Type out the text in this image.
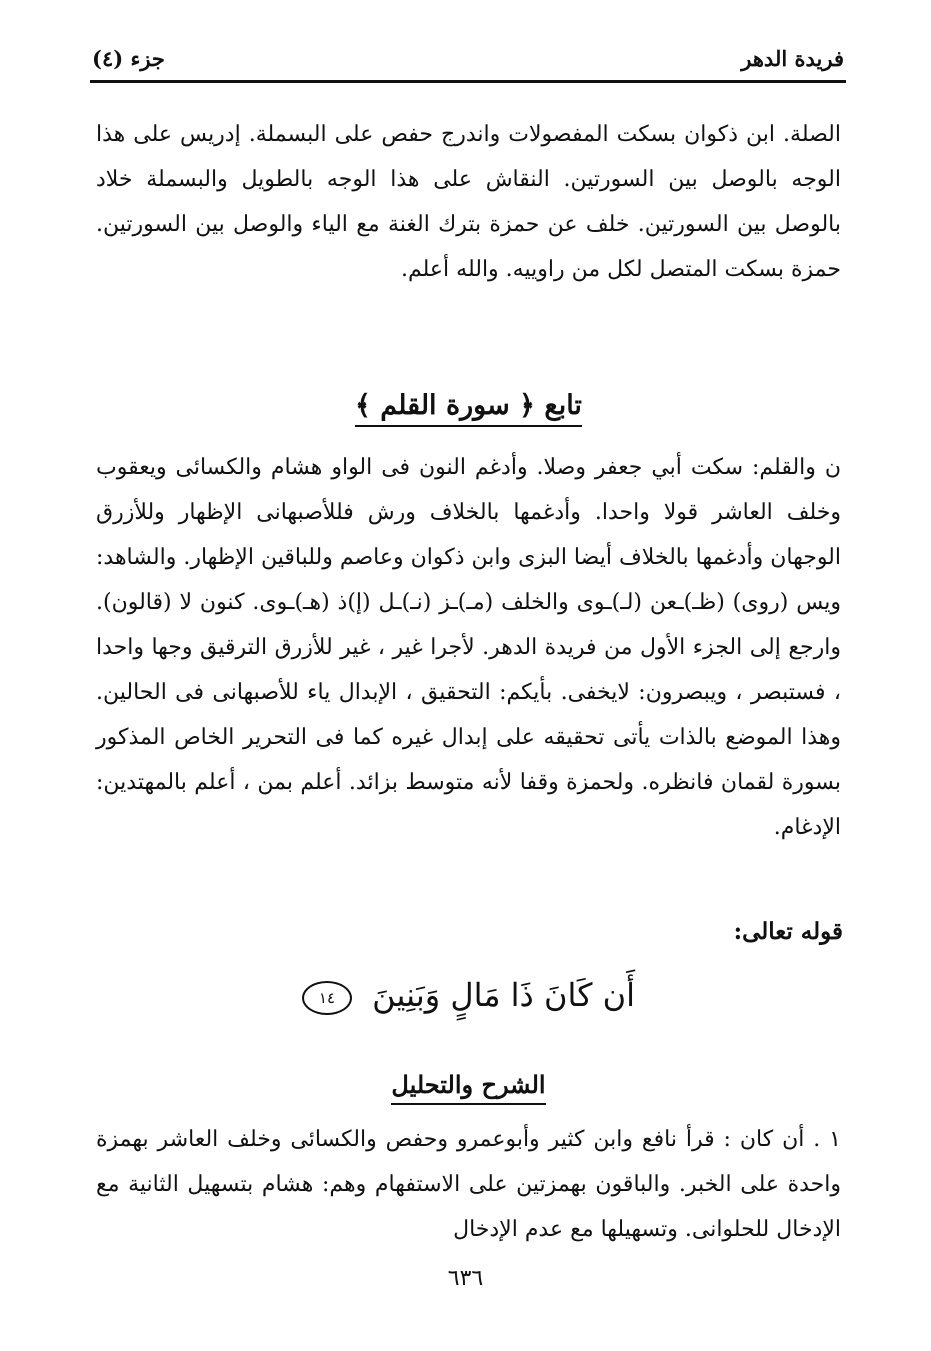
فريدة الدهر
جزء (٤)

الصلة. ابن ذكوان بسكت المفصولات واندرج حفص على البسملة. إدريس على هذا الوجه بالوصل بين السورتين. النقاش على هذا الوجه بالطويل والبسملة خلاد بالوصل بين السورتين. خلف عن حمزة بترك الغنة مع الياء والوصل بين السورتين. حمزة بسكت المتصل لكل من راوييه. والله أعلم.

تابع ﴿ سورة القلم ﴾

ن والقلم: سكت أبي جعفر وصلا. وأدغم النون فى الواو هشام والكسائى ويعقوب وخلف العاشر قولا واحدا. وأدغمها بالخلاف ورش فللأصبهانى الإظهار وللأزرق الوجهان وأدغمها بالخلاف أيضا البزى وابن ذكوان وعاصم وللباقين الإظهار. والشاهد: ويس (روى) (ظـ)ـعن (لـ)ـوى والخلف (مـ)ـز (نـ)ـل (إ)ذ (هـ)ـوى. كنون لا (قالون). وارجع إلى الجزء الأول من فريدة الدهر. لأجرا غير ، غير للأزرق الترقيق وجها واحدا ، فستبصر ، ويبصرون: لايخفى. بأيكم: التحقيق ، الإبدال ياء للأصبهانى فى الحالين. وهذا الموضع بالذات يأتى تحقيقه على إبدال غيره كما فى التحرير الخاص المذكور بسورة لقمان فانظره. ولحمزة وقفا لأنه متوسط بزائد. أعلم بمن ، أعلم بالمهتدين: الإدغام.

قوله تعالى:
أَن كَانَ ذَا مَالٍ وَبَنِينَ ١٤
الشرح والتحليل

١ . أن كان : قرأ نافع وابن كثير وأبوعمرو وحفص والكسائى وخلف العاشر بهمزة واحدة على الخبر. والباقون بهمزتين على الاستفهام وهم: هشام بتسهيل الثانية مع الإدخال للحلوانى. وتسهيلها مع عدم الإدخال

٦٣٦
